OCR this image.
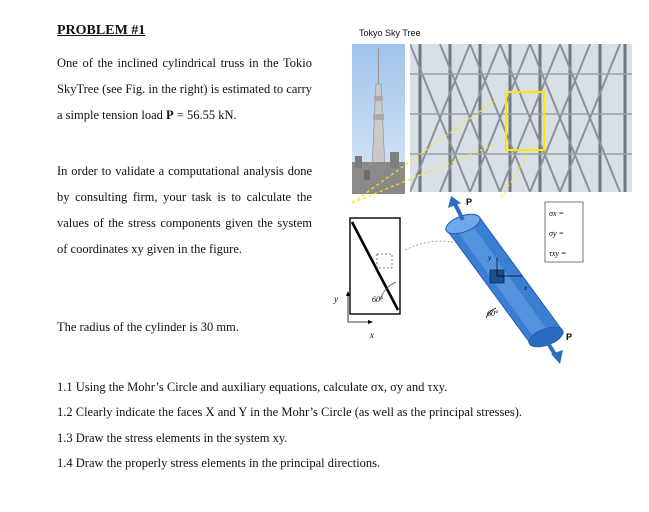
PROBLEM #1
One of the inclined cylindrical truss in the Tokio SkyTree (see Fig. in the right) is estimated to carry a simple tension load P = 56.55 kN.
In order to validate a computational analysis done by consulting firm, your task is to calculate the values of the stress components given the system of coordinates xy given in the figure.
The radius of the cylinder is 30 mm.
1.1 Using the Mohr’s Circle and auxiliary equations, calculate σx, σy and τxy.
1.2 Clearly indicate the faces X and Y in the Mohr’s Circle (as well as the principal stresses).
1.3 Draw the stress elements in the system xy.
1.4 Draw the properly stress elements in the principal directions.
Tokyo Sky Tree
60°
y
x
P
P
y
x
60°
σx =
σy =
τxy =
